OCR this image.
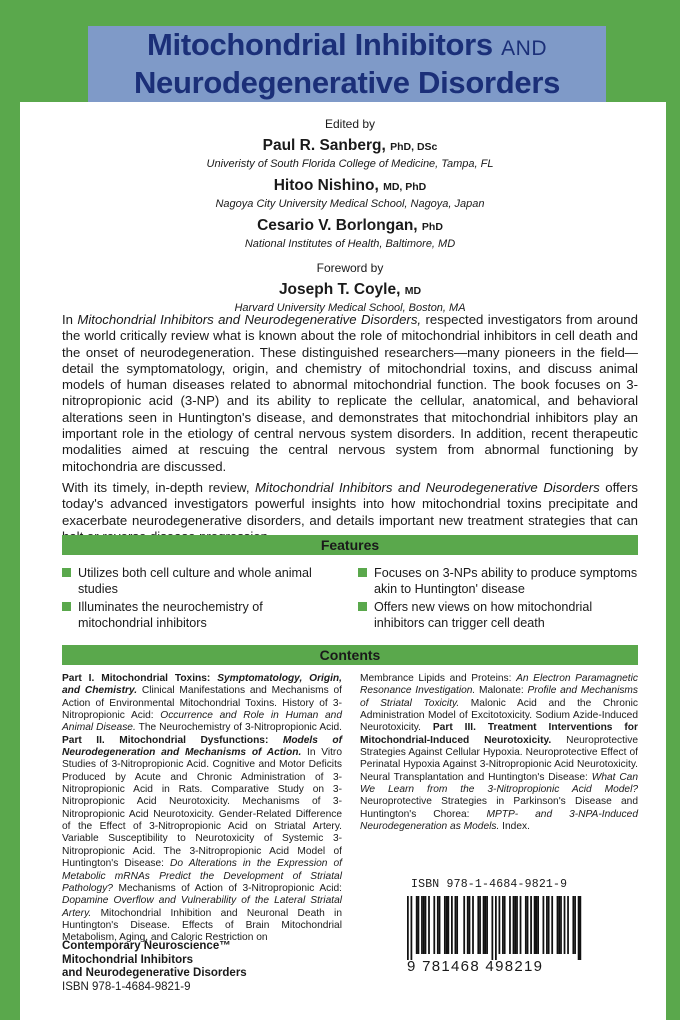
Mitochondrial Inhibitors AND
Neurodegenerative Disorders
Edited by
Paul R. Sanberg, PhD, DSc
Univeristy of South Florida College of Medicine, Tampa, FL
Hitoo Nishino, MD, PhD
Nagoya City University Medical School, Nagoya, Japan
Cesario V. Borlongan, PhD
National Institutes of Health, Baltimore, MD
Foreword by
Joseph T. Coyle, MD
Harvard University Medical School, Boston, MA

In Mitochondrial Inhibitors and Neurodegenerative Disorders, respected investigators from around the world critically review what is known about the role of mitochondrial inhibitors in cell death and the onset of neurodegeneration. These distinguished researchers—many pioneers in the field—detail the symptomatology, origin, and chemistry of mitochondrial toxins, and discuss animal models of human diseases related to abnormal mitochondrial function. The book focuses on 3-nitropropionic acid (3-NP) and its ability to replicate the cellular, anatomical, and behavioral alterations seen in Huntington's disease, and demonstrates that mitochondrial inhibitors play an important role in the etiology of central nervous system disorders. In addition, recent therapeutic modalities aimed at rescuing the central nervous system from abnormal functioning by mitochondria are discussed.

With its timely, in-depth review, Mitochondrial Inhibitors and Neurodegenerative Disorders offers today's advanced investigators powerful insights into how mitochondrial toxins precipitate and exacerbate neurodegenerative disorders, and details important new treatment strategies that can

Features
Utilizes both cell culture and whole animal studies
Illuminates the neurochemistry of mitochondrial inhibitors
Focuses on 3-NPs ability to produce symptoms akin to Huntington' disease
Offers new views on how mitochondrial inhibitors can trigger cell death
Contents
Part I. Mitochondrial Toxins: Symptomatology, Origin, and Chemistry. Clinical Manifestations and Mechanisms of Action of Environmental Mitochondrial Toxins. History of 3-Nitropropionic Acid: Occurrence and Role in Human and Animal Disease. The Neurochemistry of 3-Nitropropionic Acid. Part II. Mitochondrial Dysfunctions: Models of Neurodegeneration and Mechanisms of Action. In Vitro Studies of 3-Nitropropionic Acid. Cognitive and Motor Deficits Produced by Acute and Chronic Administration of 3-Nitropropionic Acid in Rats. Comparative Study on 3-Nitropropionic Acid Neurotoxicity. Mechanisms of 3-Nitropropionic Acid Neurotoxicity. Gender-Related Difference of the Effect of 3-Nitropropionic Acid on Striatal Artery. Variable Susceptibility to Neurotoxicity of Systemic 3-Nitropropionic Acid. The 3-Nitropropionic Acid Model of Huntington's Disease: Do Alterations in the Expression of Metabolic mRNAs Predict the Development of Striatal Pathology? Mechanisms of Action of 3-Nitropropionic Acid: Dopamine Overflow and Vulnerability of the Lateral Striatal Artery. Mitochondrial Inhibition and Neuronal Death in Huntington's Disease. Effects of Brain Mitochondrial Metabolism, Aging, and Caloric Restriction on
Membrance Lipids and Proteins: An Electron Paramagnetic Resonance Investigation. Malonate: Profile and Mechanisms of Striatal Toxicity. Malonic Acid and the Chronic Administration Model of Excitotoxicity. Sodium Azide-Induced Neurotoxicity. Part III. Treatment Interventions for Mitochondrial-Induced Neurotoxicity. Neuroprotective Strategies Against Cellular Hypoxia. Neuroprotective Effect of Perinatal Hypoxia Against 3-Nitropropionic Acid Neurotoxicity. Neural Transplantation and Huntington's Disease: What Can We Learn from the 3-Nitropropionic Acid Model? Neuroprotective Strategies in Parkinson's Disease and Huntington's Chorea: MPTP- and 3-NPA-Induced Neurodegeneration as Models. Index.
Contemporary Neuroscience™
Mitochondrial Inhibitors
and Neurodegenerative Disorders
ISBN 978-1-4684-9821-9
ISBN 978-1-4684-9821-9
9 781468 498219
